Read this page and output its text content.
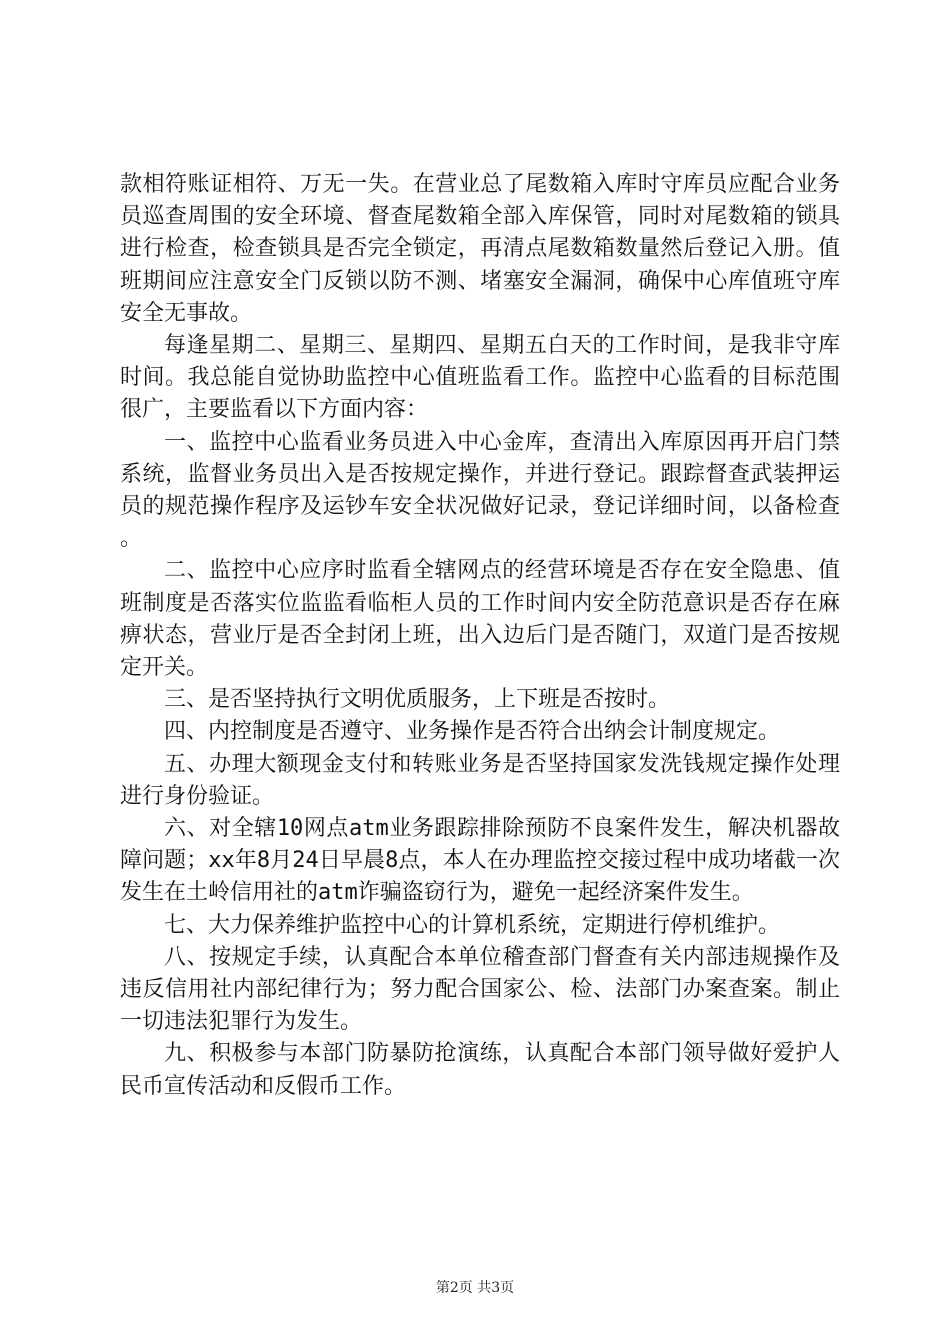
款相符账证相符、万无一失。在营业总了尾数箱入库时守库员应配合业务员巡查周围的安全环境、督查尾数箱全部入库保管，同时对尾数箱的锁具进行检查，检查锁具是否完全锁定，再清点尾数箱数量然后登记入册。值班期间应注意安全门反锁以防不测、堵塞安全漏洞，确保中心库值班守库安全无事故。

每逢星期二、星期三、星期四、星期五白天的工作时间，是我非守库时间。我总能自觉协助监控中心值班监看工作。监控中心监看的目标范围很广，主要监看以下方面内容：

一、监控中心监看业务员进入中心金库，查清出入库原因再开启门禁系统，监督业务员出入是否按规定操作，并进行登记。跟踪督查武装押运员的规范操作程序及运钞车安全状况做好记录，登记详细时间，以备检查。

二、监控中心应序时监看全辖网点的经营环境是否存在安全隐患、值班制度是否落实位监监看临柜人员的工作时间内安全防范意识是否存在麻痹状态，营业厅是否全封闭上班，出入边后门是否随门，双道门是否按规定开关。

三、是否坚持执行文明优质服务，上下班是否按时。

四、内控制度是否遵守、业务操作是否符合出纳会计制度规定。

五、办理大额现金支付和转账业务是否坚持国家发洗钱规定操作处理进行身份验证。

六、对全辖10网点atm业务跟踪排除预防不良案件发生，解决机器故障问题；xx年8月24日早晨8点，本人在办理监控交接过程中成功堵截一次发生在土岭信用社的atm诈骗盗窃行为，避免一起经济案件发生。

七、大力保养维护监控中心的计算机系统，定期进行停机维护。

八、按规定手续，认真配合本单位稽查部门督查有关内部违规操作及违反信用社内部纪律行为；努力配合国家公、检、法部门办案查案。制止一切违法犯罪行为发生。

九、积极参与本部门防暴防抢演练，认真配合本部门领导做好爱护人民币宣传活动和反假币工作。

第2页 共3页
